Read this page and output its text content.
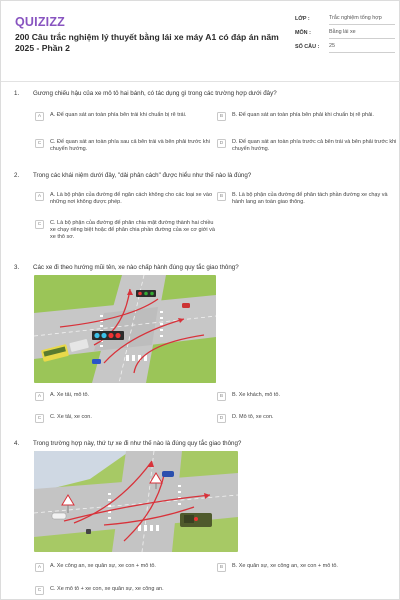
QUIZIZZ
200 Câu trắc nghiệm lý thuyết bằng lái xe máy A1 có đáp án năm 2025 - Phần 2
LỚP :	Trắc nghiệm tổng hợp
MÔN :	Bằng lái xe
SỐ CÂU :	25
1. Gương chiếu hậu của xe mô tô hai bánh, có tác dụng gì trong các trường hợp dưới đây?
A	A. Để quan sát an toàn phía bên trái khi chuẩn bị rẽ trái.	B	B. Để quan sát an toàn phía bên phải khi chuẩn bị rẽ phải.
C	C. Để quan sát an toàn phía sau cả bên trái và bên phải trước khi chuyển hướng.
D	D. Để quan sát an toàn phía trước cả bên trái và bên phải trước khi chuyển hướng.
2. Trong các khái niệm dưới đây, "dải phân cách" được hiểu như thế nào là đúng?
A	A. Là bộ phận của đường để ngăn cách không cho các loại xe vào những nơi không được phép.
B	B. Là bộ phận của đường để phân tách phần đường xe chạy và hành lang an toàn giao thông.
C	C. Là bộ phận của đường để phân chia mặt đường thành hai chiều xe chạy riêng biệt hoặc để phân chia phần đường của xe cơ giới và xe thô sơ.
3. Các xe đi theo hướng mũi tên, xe nào chấp hành đúng quy tắc giao thông?
A	A. Xe tải, mô tô.	B	B. Xe khách, mô tô.
C	C. Xe tải, xe con.	D	D. Mô tô, xe con.
4. Trong trường hợp này, thứ tự xe đi như thế nào là đúng quy tắc giao thông?
A	A. Xe công an, xe quân sự, xe con + mô tô.	B	B. Xe quân sự, xe công an, xe con + mô tô.
C	C. Xe mô tô + xe con, xe quân sự, xe công an.
